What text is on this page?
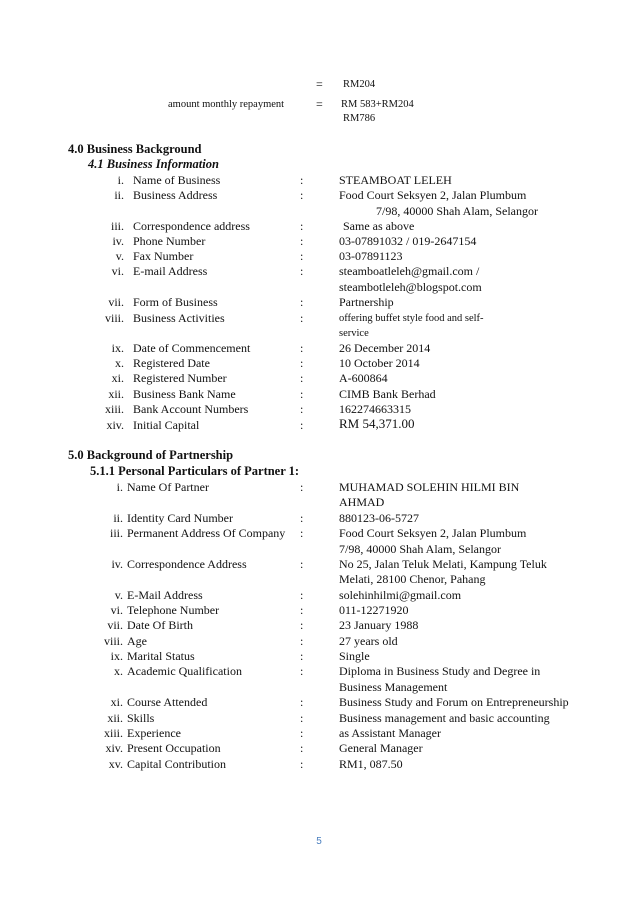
= RM204
amount monthly repayment	= RM 583+RM204
RM786
4.0 Business Background
4.1 Business Information
i. Name of Business	:	STEAMBOAT LELEH
ii. Business Address	:	Food Court Seksyen 2, Jalan Plumbum
7/98, 40000 Shah Alam, Selangor
iii. Correspondence address	:	Same as above
iv. Phone Number	:	03-07891032 / 019-2647154
v. Fax Number	:	03-07891123
vi. E-mail Address	:	steamboatleleh@gmail.com /
steambotleleh@blogspot.com
vii. Form of Business	:	Partnership
viii. Business Activities	:	offering buffet style food and self-
service
ix. Date of Commencement	:	26 December 2014
x. Registered Date	:	10 October 2014
xi. Registered Number	:	A-600864
xii. Business Bank Name	:	CIMB Bank Berhad
xiii. Bank Account Numbers	:	162274663315
xiv. Initial Capital	:	RM 54,371.00
5.0 Background of Partnership
5.1.1 Personal Particulars of Partner 1:
i. Name Of Partner	:	MUHAMAD SOLEHIN HILMI BIN
AHMAD
ii. Identity Card Number	:	880123-06-5727
iii. Permanent Address Of Company :	Food Court Seksyen 2, Jalan Plumbum
7/98, 40000 Shah Alam, Selangor
iv. Correspondence Address	:	No 25, Jalan Teluk Melati, Kampung Teluk
Melati, 28100 Chenor, Pahang
v. E-Mail Address	:	solehinhilmi@gmail.com
vi. Telephone Number	:	011-12271920
vii. Date Of Birth	:	23 January 1988
viii. Age	:	27 years old
ix. Marital Status	:	Single
x. Academic Qualification	:	Diploma in Business Study and Degree in
Business Management
xi. Course Attended	:	Business Study and Forum on Entrepreneurship
xii. Skills	:	Business management and basic accounting
xiii. Experience	:	as Assistant Manager
xiv. Present Occupation	:	General Manager
xv. Capital Contribution	:	RM1, 087.50
5
